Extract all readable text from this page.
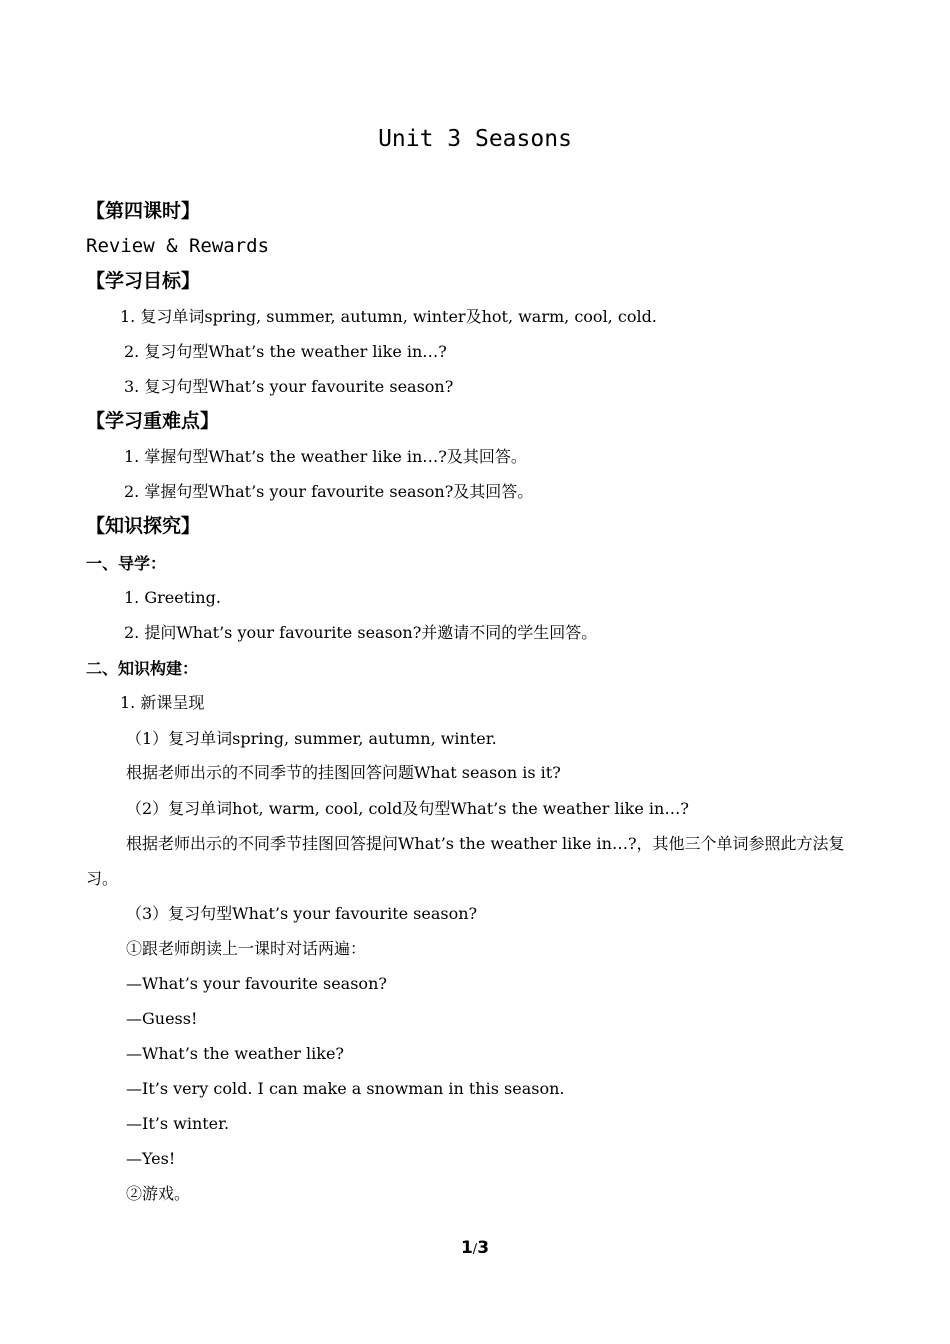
Unit 3 Seasons
【第四课时】
Review & Rewards
【学习目标】
1. 复习单词spring, summer, autumn, winter及hot, warm, cool, cold.
2. 复习句型What’s the weather like in…?
3. 复习句型What’s your favourite season?
【学习重难点】
1. 掌握句型What’s the weather like in…?及其回答。
2. 掌握句型What’s your favourite season?及其回答。
【知识探究】
一、导学：
1. Greeting.
2. 提问What’s your favourite season?并邀请不同的学生回答。
二、知识构建：
1. 新课呈现
（1）复习单词spring, summer, autumn, winter.
根据老师出示的不同季节的挂图回答问题What season is it?
（2）复习单词hot, warm, cool, cold及句型What’s the weather like in…?
根据老师出示的不同季节挂图回答提问What’s the weather like in…?，其他三个单词参照此方法复习。
（3）复习句型What’s your favourite season?
①跟老师朗读上一课时对话两遍：
—What’s your favourite season?
—Guess!
—What’s the weather like?
—It’s very cold. I can make a snowman in this season.
—It’s winter.
—Yes!
②游戏。
1/3
